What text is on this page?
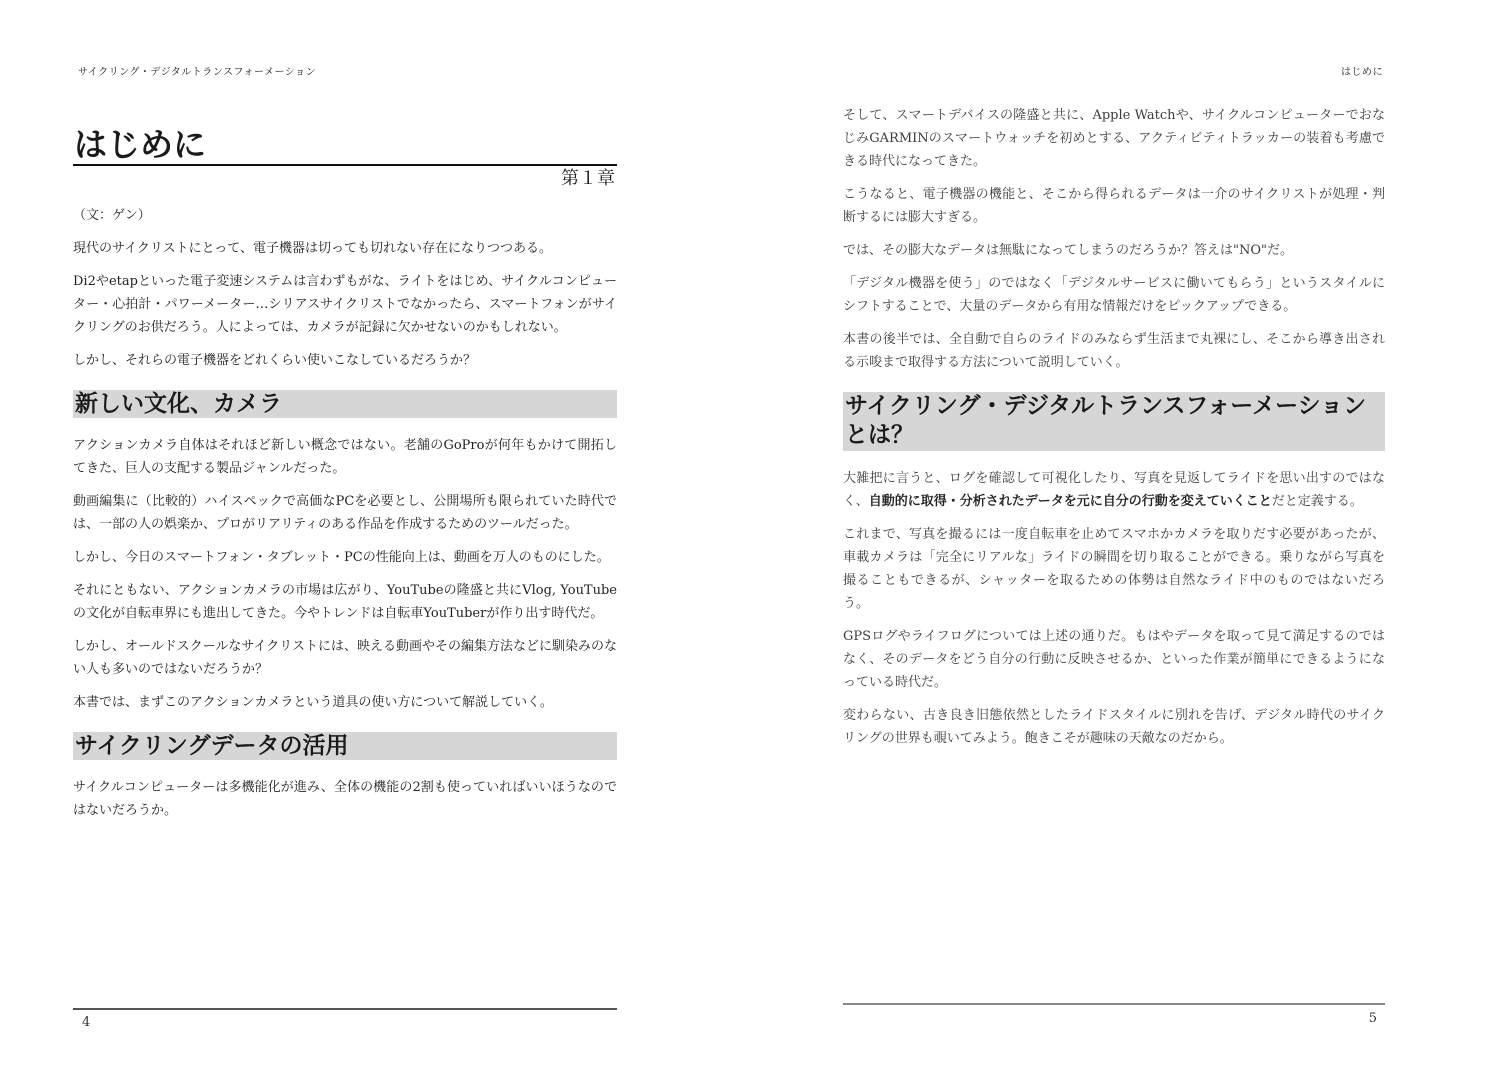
サイクリング・デジタルトランスフォーメーション
はじめに
第１章

（文：ゲン）

現代のサイクリストにとって、電子機器は切っても切れない存在になりつつある。

Di2やetapといった電子変速システムは言わずもがな、ライトをはじめ、サイクルコンピューター・心拍計・パワーメーター…シリアスサイクリストでなかったら、スマートフォンがサイクリングのお供だろう。人によっては、カメラが記録に欠かせないのかもしれない。

しかし、それらの電子機器をどれくらい使いこなしているだろうか？

新しい文化、カメラ

アクションカメラ自体はそれほど新しい概念ではない。老舗のGoProが何年もかけて開拓してきた、巨人の支配する製品ジャンルだった。

動画編集に（比較的）ハイスペックで高価なPCを必要とし、公開場所も限られていた時代では、一部の人の娯楽か、プロがリアリティのある作品を作成するためのツールだった。

しかし、今日のスマートフォン・タブレット・PCの性能向上は、動画を万人のものにした。

それにともない、アクションカメラの市場は広がり、YouTubeの隆盛と共にVlog, YouTubeの文化が自転車界にも進出してきた。今やトレンドは自転車YouTuberが作り出す時代だ。

しかし、オールドスクールなサイクリストには、映える動画やその編集方法などに馴染みのない人も多いのではないだろうか？

本書では、まずこのアクションカメラという道具の使い方について解説していく。

サイクリングデータの活用

サイクルコンピューターは多機能化が進み、全体の機能の2割も使っていればいいほうなのではないだろうか。

4
はじめに

そして、スマートデバイスの隆盛と共に、Apple Watchや、サイクルコンピューターでおなじみGARMINのスマートウォッチを初めとする、アクティビティトラッカーの装着も考慮できる時代になってきた。

こうなると、電子機器の機能と、そこから得られるデータは一介のサイクリストが処理・判断するには膨大すぎる。

では、その膨大なデータは無駄になってしまうのだろうか？答えは"NO"だ。

「デジタル機器を使う」のではなく「デジタルサービスに働いてもらう」というスタイルにシフトすることで、大量のデータから有用な情報だけをピックアップできる。

本書の後半では、全自動で自らのライドのみならず生活まで丸裸にし、そこから導き出される示唆まで取得する方法について説明していく。

サイクリング・デジタルトランスフォーメーションとは？

大雑把に言うと、ログを確認して可視化したり、写真を見返してライドを思い出すのではなく、自動的に取得・分析されたデータを元に自分の行動を変えていくことだと定義する。

これまで、写真を撮るには一度自転車を止めてスマホかカメラを取りだす必要があったが、車載カメラは「完全にリアルな」ライドの瞬間を切り取ることができる。乗りながら写真を撮ることもできるが、シャッターを取るための体勢は自然なライド中のものではないだろう。

GPSログやライフログについては上述の通りだ。もはやデータを取って見て満足するのではなく、そのデータをどう自分の行動に反映させるか、といった作業が簡単にできるようになっている時代だ。

変わらない、古き良き旧態依然としたライドスタイルに別れを告げ、デジタル時代のサイクリングの世界も覗いてみよう。飽きこそが趣味の天敵なのだから。

5
